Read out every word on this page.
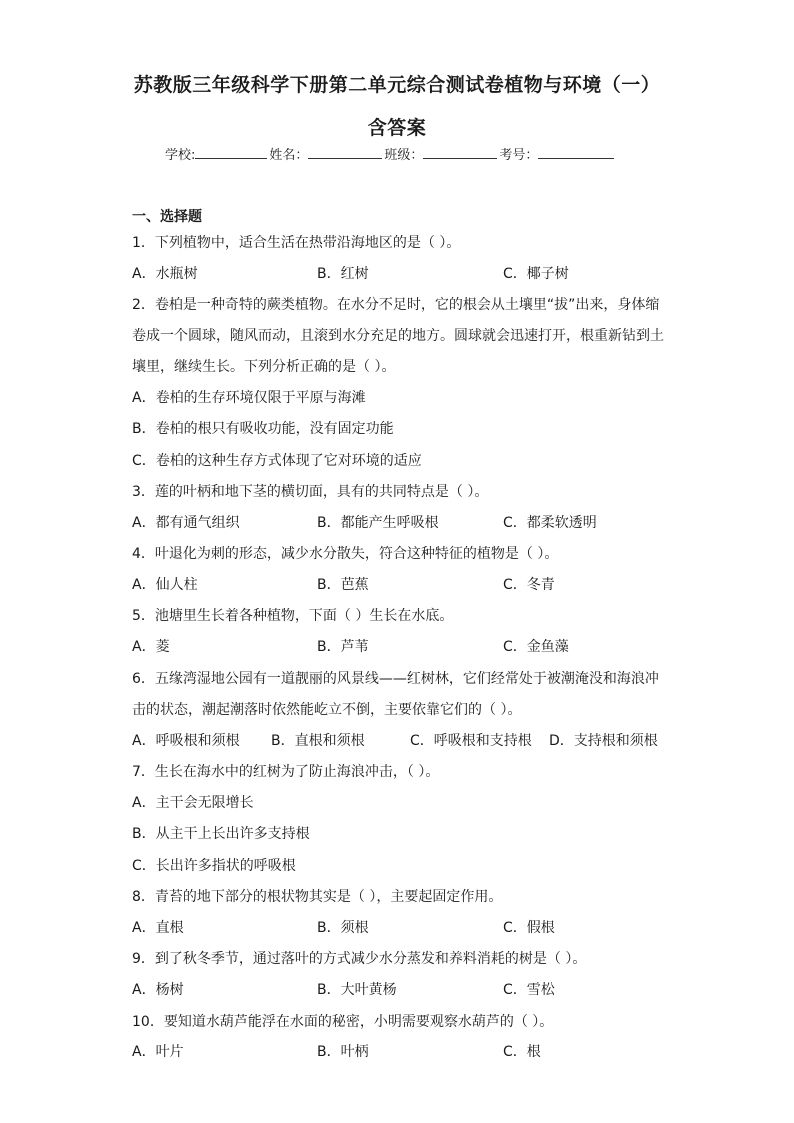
苏教版三年级科学下册第二单元综合测试卷植物与环境（一）
含答案
学校:	姓名：	班级：	考号：
一、选择题
1．下列植物中，适合生活在热带沿海地区的是（ ）。
A．水瓶树	B．红树	C．椰子树
2．卷柏是一种奇特的蕨类植物。在水分不足时，它的根会从土壤里“拔”出来，身体缩
卷成一个圆球，随风而动，且滚到水分充足的地方。圆球就会迅速打开，根重新钻到土
壤里，继续生长。下列分析正确的是（ ）。
A．卷柏的生存环境仅限于平原与海滩
B．卷柏的根只有吸收功能，没有固定功能
C．卷柏的这种生存方式体现了它对环境的适应
3．莲的叶柄和地下茎的横切面，具有的共同特点是（ ）。
A．都有通气组织	B．都能产生呼吸根	C．都柔软透明
4．叶退化为刺的形态，减少水分散失，符合这种特征的植物是（ ）。
A．仙人柱	B．芭蕉	C．冬青
5．池塘里生长着各种植物，下面（ ）生长在水底。
A．菱	B．芦苇	C．金鱼藻
6．五缘湾湿地公园有一道靓丽的风景线——红树林，它们经常处于被潮淹没和海浪冲
击的状态，潮起潮落时依然能屹立不倒，主要依靠它们的（ ）。
A．呼吸根和须根 B．直根和须根	C．呼吸根和支持根 D．支持根和须根
7．生长在海水中的红树为了防止海浪冲击，（ ）。
A．主干会无限增长
B．从主干上长出许多支持根
C．长出许多指状的呼吸根
8．青苔的地下部分的根状物其实是（ ），主要起固定作用。
A．直根	B．须根	C．假根
9．到了秋冬季节，通过落叶的方式减少水分蒸发和养料消耗的树是（ ）。
A．杨树	B．大叶黄杨	C．雪松
10．要知道水葫芦能浮在水面的秘密，小明需要观察水葫芦的（ ）。
A．叶片	B．叶柄	C．根
